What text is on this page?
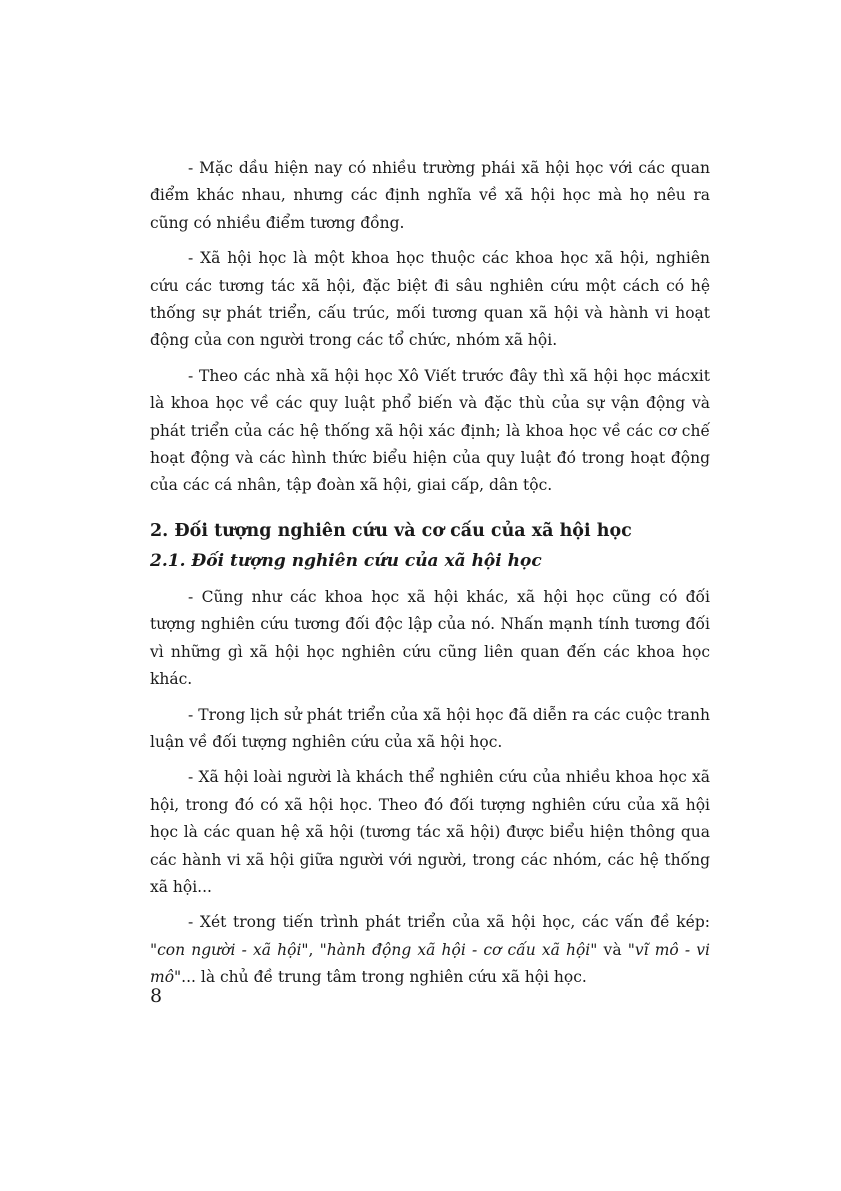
- Mặc dầu hiện nay có nhiều trường phái xã hội học với các quan điểm khác nhau, nhưng các định nghĩa về xã hội học mà họ nêu ra cũng có nhiều điểm tương đồng.

- Xã hội học là một khoa học thuộc các khoa học xã hội, nghiên cứu các tương tác xã hội, đặc biệt đi sâu nghiên cứu một cách có hệ thống sự phát triển, cấu trúc, mối tương quan xã hội và hành vi hoạt động của con người trong các tổ chức, nhóm xã hội.

- Theo các nhà xã hội học Xô Viết trước đây thì xã hội học mácxit là khoa học về các quy luật phổ biến và đặc thù của sự vận động và phát triển của các hệ thống xã hội xác định; là khoa học về các cơ chế hoạt động và các hình thức biểu hiện của quy luật đó trong hoạt động của các cá nhân, tập đoàn xã hội, giai cấp, dân tộc.

2. Đối tượng nghiên cứu và cơ cấu của xã hội học
2.1. Đối tượng nghiên cứu của xã hội học

- Cũng như các khoa học xã hội khác, xã hội học cũng có đối tượng nghiên cứu tương đối độc lập của nó. Nhấn mạnh tính tương đối vì những gì xã hội học nghiên cứu cũng liên quan đến các khoa học khác.

- Trong lịch sử phát triển của xã hội học đã diễn ra các cuộc tranh luận về đối tượng nghiên cứu của xã hội học.

- Xã hội loài người là khách thể nghiên cứu của nhiều khoa học xã hội, trong đó có xã hội học. Theo đó đối tượng nghiên cứu của xã hội học là các quan hệ xã hội (tương tác xã hội) được biểu hiện thông qua các hành vi xã hội giữa người với người, trong các nhóm, các hệ thống xã hội...

- Xét trong tiến trình phát triển của xã hội học, các vấn đề kép: "con người - xã hội", "hành động xã hội - cơ cấu xã hội" và "vĩ mô - vi mô"... là chủ đề trung tâm trong nghiên cứu xã hội học.

8
